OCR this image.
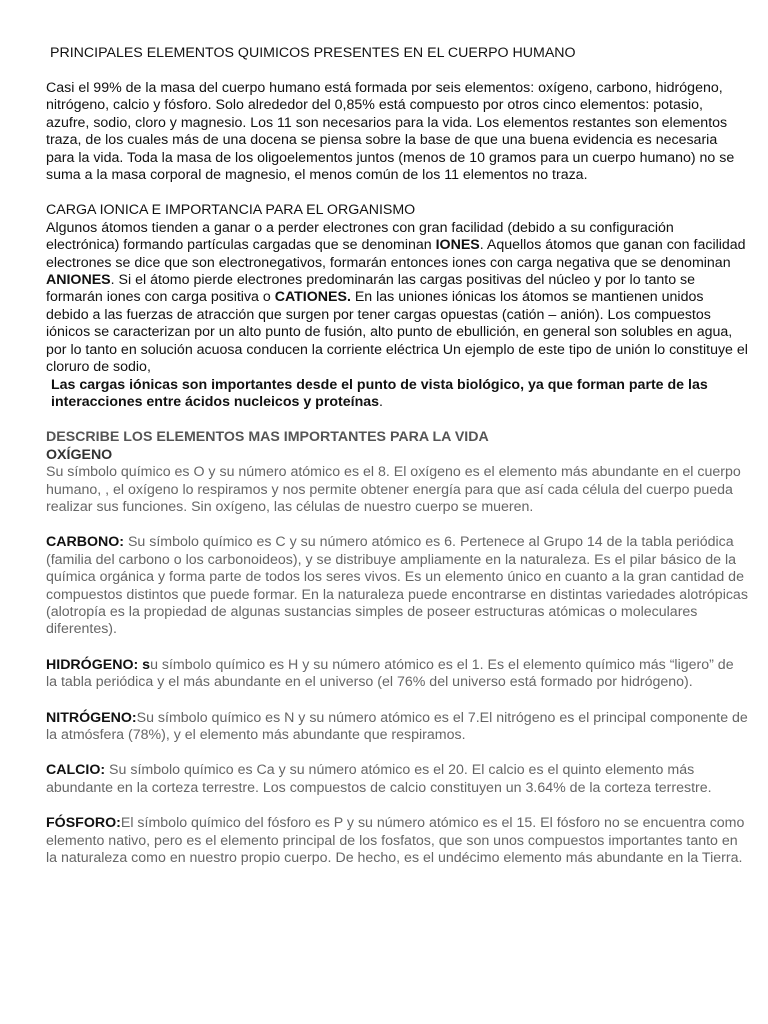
PRINCIPALES ELEMENTOS QUIMICOS PRESENTES EN EL CUERPO HUMANO

Casi el 99% de la masa del cuerpo humano está formada por seis elementos: oxígeno, carbono, hidrógeno, nitrógeno, calcio y fósforo. Solo alrededor del 0,85% está compuesto por otros cinco elementos: potasio, azufre, sodio, cloro y magnesio. Los 11 son necesarios para la vida. Los elementos restantes son elementos traza, de los cuales más de una docena se piensa sobre la base de que una buena evidencia es necesaria para la vida. Toda la masa de los oligoelementos juntos (menos de 10 gramos para un cuerpo humano) no se suma a la masa corporal de magnesio, el menos común de los 11 elementos no traza.

CARGA IONICA E IMPORTANCIA PARA EL ORGANISMO

Algunos átomos tienden a ganar o a perder electrones con gran facilidad (debido a su configuración electrónica) formando partículas cargadas que se denominan IONES. Aquellos átomos que ganan con facilidad electrones se dice que son electronegativos, formarán entonces iones con carga negativa que se denominan ANIONES. Si el átomo pierde electrones predominarán las cargas positivas del núcleo y por lo tanto se formarán iones con carga positiva o CATIONES. En las uniones iónicas los átomos se mantienen unidos debido a las fuerzas de atracción que surgen por tener cargas opuestas (catión – anión). Los compuestos iónicos se caracterizan por un alto punto de fusión, alto punto de ebullición, en general son solubles en agua, por lo tanto en solución acuosa conducen la corriente eléctrica Un ejemplo de este tipo de unión lo constituye el cloruro de sodio,
Las cargas iónicas son importantes desde el punto de vista biológico, ya que forman parte de las interacciones entre ácidos nucleicos y proteínas.

DESCRIBE LOS ELEMENTOS MAS IMPORTANTES PARA LA VIDA
OXÍGENO

Su símbolo químico es O y su número atómico es el 8. El oxígeno es el elemento más abundante en el cuerpo humano, , el oxígeno lo respiramos y nos permite obtener energía para que así cada célula del cuerpo pueda realizar sus funciones. Sin oxígeno, las células de nuestro cuerpo se mueren.

CARBONO: Su símbolo químico es C y su número atómico es 6. Pertenece al Grupo 14 de la tabla periódica (familia del carbono o los carbonoideos), y se distribuye ampliamente en la naturaleza. Es el pilar básico de la química orgánica y forma parte de todos los seres vivos. Es un elemento único en cuanto a la gran cantidad de compuestos distintos que puede formar. En la naturaleza puede encontrarse en distintas variedades alotrópicas (alotropía es la propiedad de algunas sustancias simples de poseer estructuras atómicas o moleculares diferentes).

HIDRÓGENO: su símbolo químico es H y su número atómico es el 1. Es el elemento químico más “ligero” de la tabla periódica y el más abundante en el universo (el 76% del universo está formado por hidrógeno).

NITRÓGENO:Su símbolo químico es N y su número atómico es el 7.El nitrógeno es el principal componente de la atmósfera (78%), y el elemento más abundante que respiramos.

CALCIO: Su símbolo químico es Ca y su número atómico es el 20. El calcio es el quinto elemento más abundante en la corteza terrestre. Los compuestos de calcio constituyen un 3.64% de la corteza terrestre.

FÓSFORO:El símbolo químico del fósforo es P y su número atómico es el 15. El fósforo no se encuentra como elemento nativo, pero es el elemento principal de los fosfatos, que son unos compuestos importantes tanto en la naturaleza como en nuestro propio cuerpo. De hecho, es el undécimo elemento más abundante en la Tierra.
